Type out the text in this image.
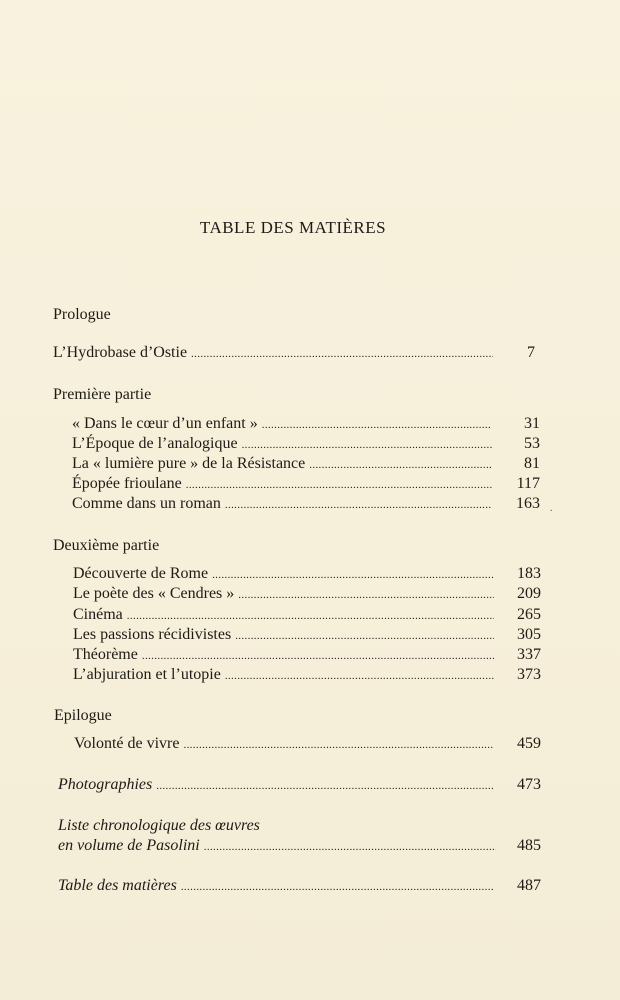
TABLE DES MATIÈRES
Prologue
L’Hydrobase d’Ostie . . .	7
Première partie
« Dans le cœur d’un enfant » . . .	31
L’Époque de l’analogique . . .	53
La « lumière pure » de la Résistance . . .	81
Épopée frioulane . . .	117
Comme dans un roman . . .	163 .
Deuxième partie
Découverte de Rome . . .	183
Le poète des « Cendres » . . .	209
Cinéma . . .	265
Les passions récidivistes . . .	305
Théorème . . .	337
L’abjuration et l’utopie . . .	373
Epilogue
Volonté de vivre . . .	459
Photographies . . .	473
Liste chronologique des œuvres
en volume de Pasolini . . .	485
Table des matières . . .	487
